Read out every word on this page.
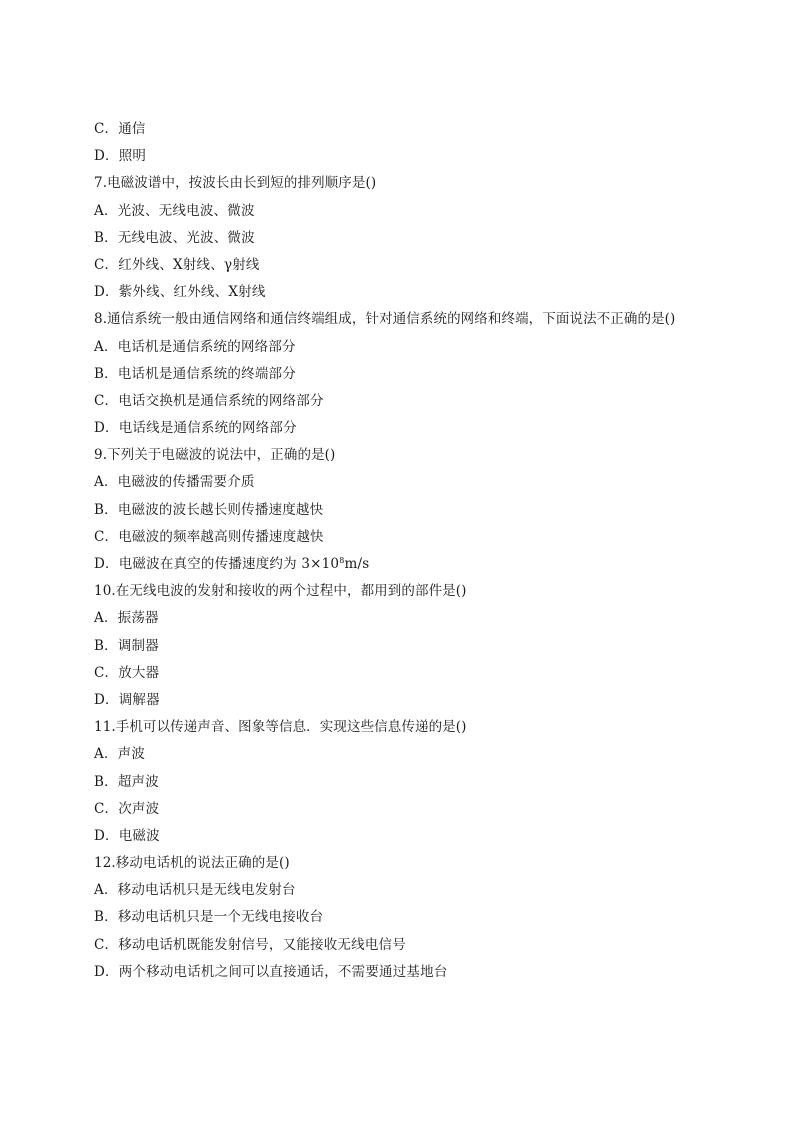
C．通信
D．照明
7.电磁波谱中，按波长由长到短的排列顺序是()
A．光波、无线电波、微波
B．无线电波、光波、微波
C．红外线、X射线、γ射线
D．紫外线、红外线、X射线
8.通信系统一般由通信网络和通信终端组成，针对通信系统的网络和终端，下面说法不正确的是()
A．电话机是通信系统的网络部分
B．电话机是通信系统的终端部分
C．电话交换机是通信系统的网络部分
D．电话线是通信系统的网络部分
9.下列关于电磁波的说法中，正确的是()
A．电磁波的传播需要介质
B．电磁波的波长越长则传播速度越快
C．电磁波的频率越高则传播速度越快
D．电磁波在真空的传播速度约为 $3\times 10^8m/s$
10.在无线电波的发射和接收的两个过程中，都用到的部件是()
A．振荡器
B．调制器
C．放大器
D．调解器
11.手机可以传递声音、图象等信息．实现这些信息传递的是()
A．声波
B．超声波
C．次声波
D．电磁波
12.移动电话机的说法正确的是()
A．移动电话机只是无线电发射台
B．移动电话机只是一个无线电接收台
C．移动电话机既能发射信号，又能接收无线电信号
D．两个移动电话机之间可以直接通话，不需要通过基地台
